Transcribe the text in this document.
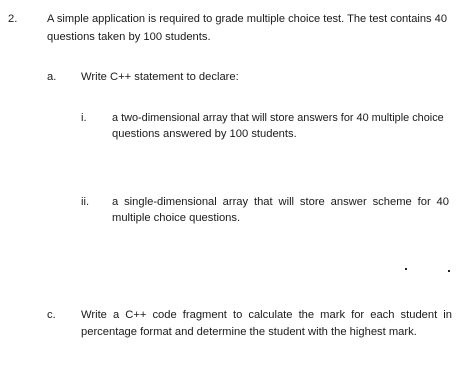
2.	A simple application is required to grade multiple choice test. The test contains 40
questions taken by 100 students.
a. Write C++ statement to declare:
i. a two-dimensional array that will store answers for 40 multiple choice
questions answered by 100 students.
ii. a single-dimensional array that will store answer scheme for 40
multiple choice questions.
c. Write a C++ code fragment to calculate the mark for each student in
percentage format and determine the student with the highest mark.
